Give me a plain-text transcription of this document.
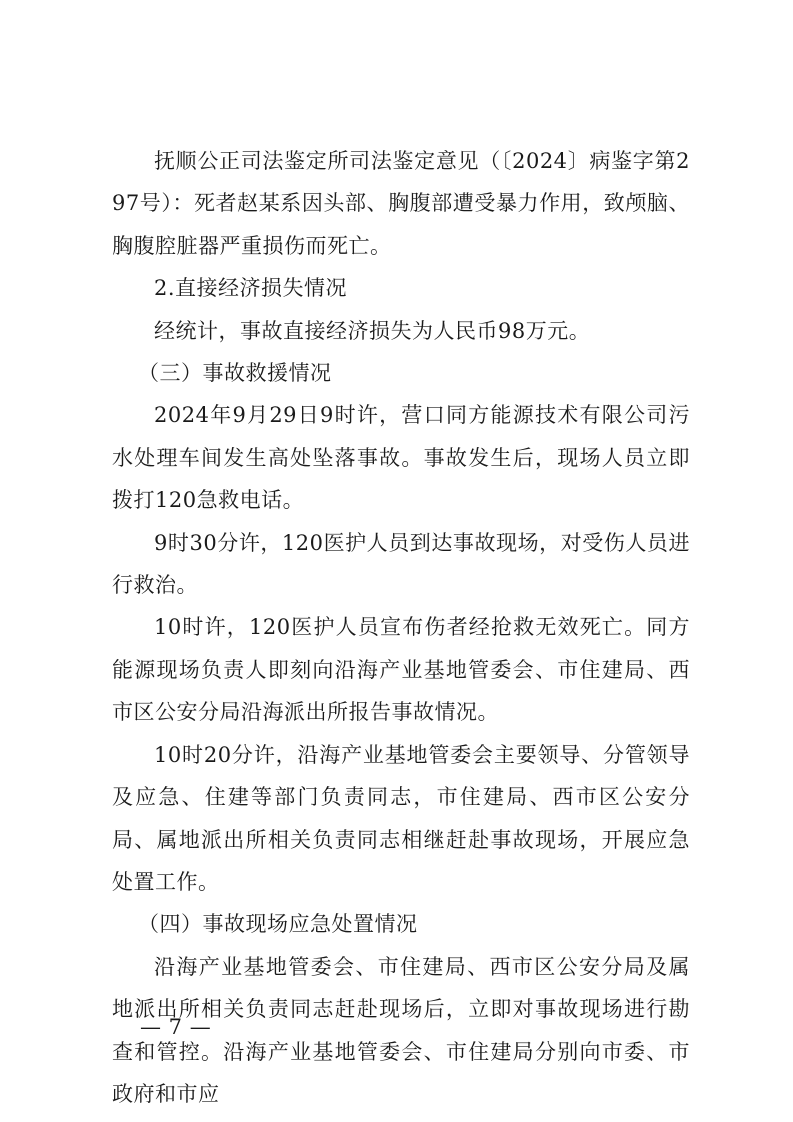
抚顺公正司法鉴定所司法鉴定意见（〔2024〕病鉴字第297号）：死者赵某系因头部、胸腹部遭受暴力作用，致颅脑、胸腹腔脏器严重损伤而死亡。

2.直接经济损失情况

经统计，事故直接经济损失为人民币98万元。

（三）事故救援情况

2024年9月29日9时许，营口同方能源技术有限公司污水处理车间发生高处坠落事故。事故发生后，现场人员立即拨打120急救电话。

9时30分许，120医护人员到达事故现场，对受伤人员进行救治。

10时许，120医护人员宣布伤者经抢救无效死亡。同方能源现场负责人即刻向沿海产业基地管委会、市住建局、西市区公安分局沿海派出所报告事故情况。

10时20分许，沿海产业基地管委会主要领导、分管领导及应急、住建等部门负责同志，市住建局、西市区公安分局、属地派出所相关负责同志相继赶赴事故现场，开展应急处置工作。

（四）事故现场应急处置情况

沿海产业基地管委会、市住建局、西市区公安分局及属地派出所相关负责同志赶赴现场后，立即对事故现场进行勘查和管控。沿海产业基地管委会、市住建局分别向市委、市政府和市应

— 7 —
